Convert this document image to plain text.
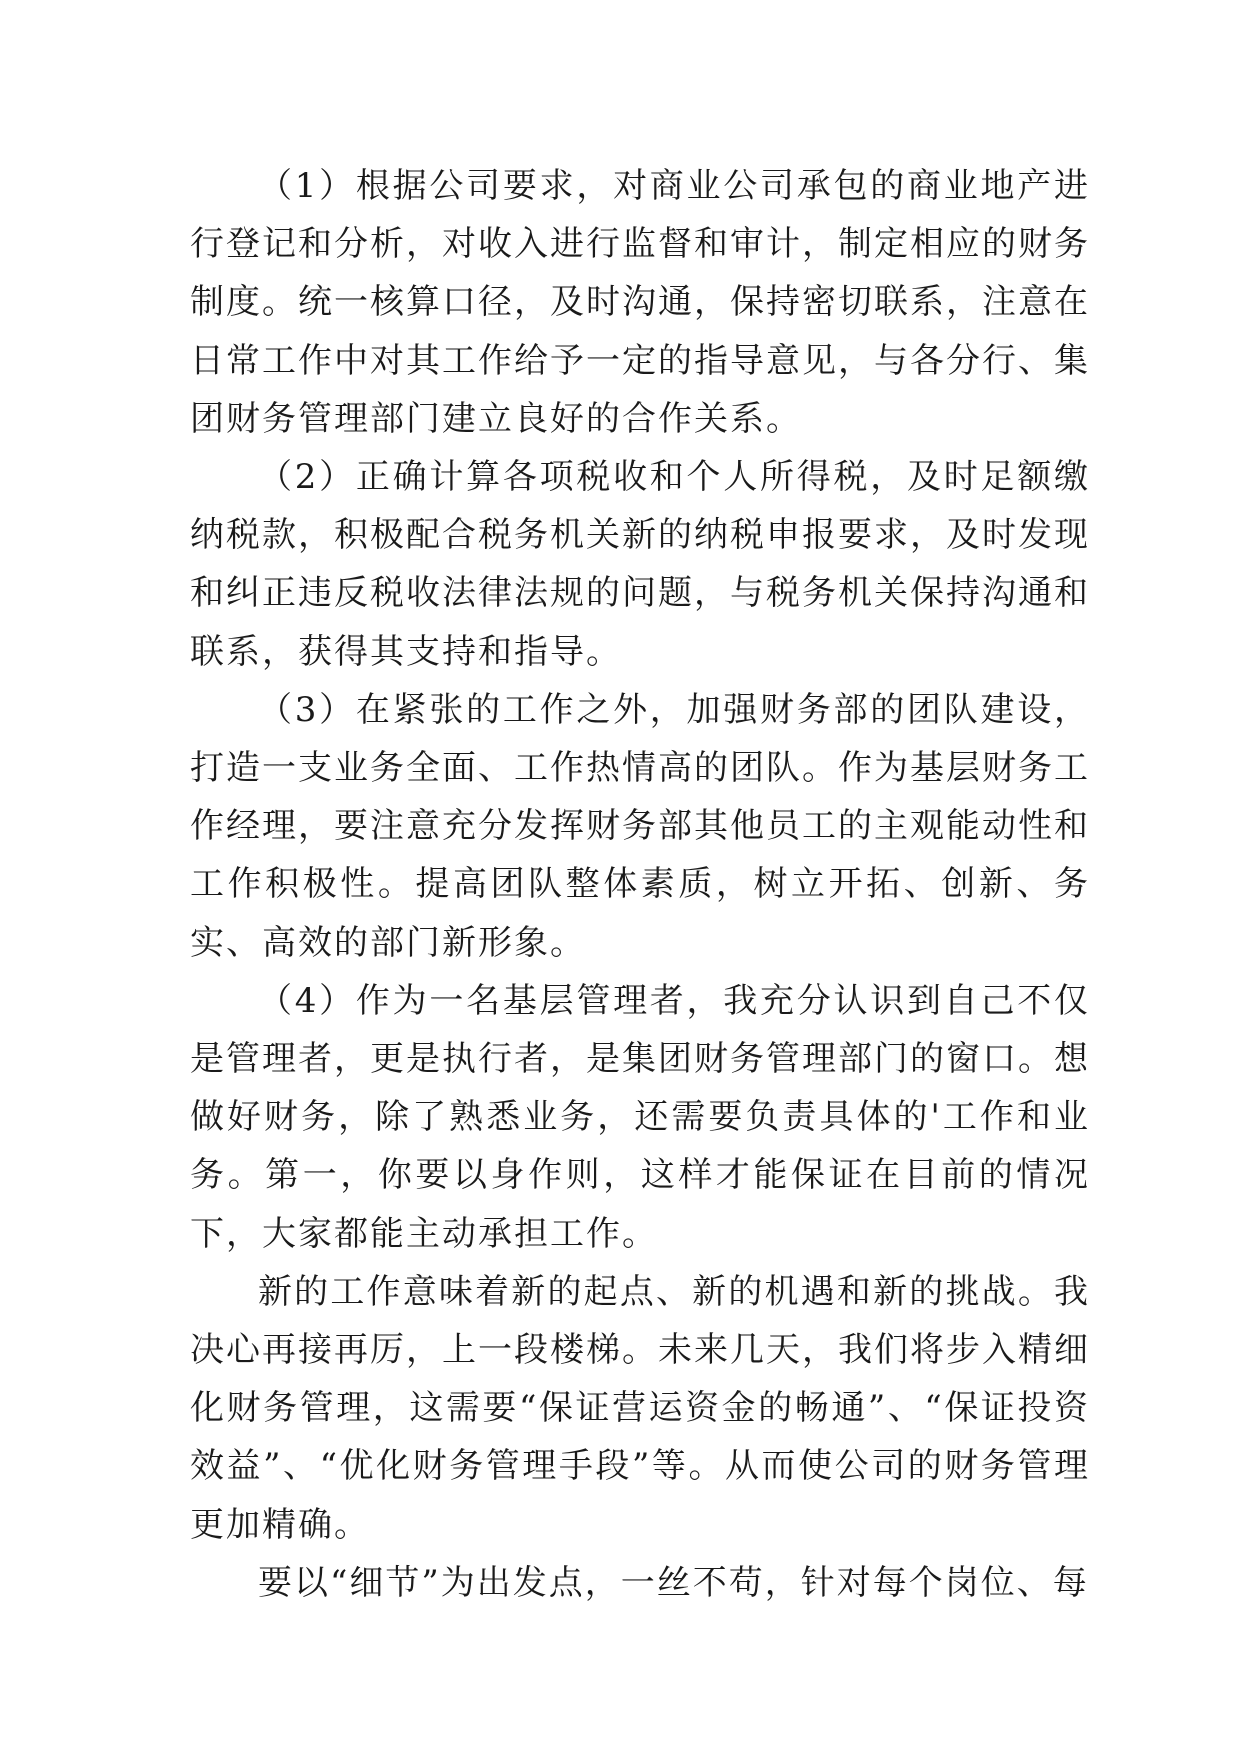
（1）根据公司要求，对商业公司承包的商业地产进行登记和分析，对收入进行监督和审计，制定相应的财务制度。统一核算口径，及时沟通，保持密切联系，注意在日常工作中对其工作给予一定的指导意见，与各分行、集团财务管理部门建立良好的合作关系。

（2）正确计算各项税收和个人所得税，及时足额缴纳税款，积极配合税务机关新的纳税申报要求，及时发现和纠正违反税收法律法规的问题，与税务机关保持沟通和联系，获得其支持和指导。

（3）在紧张的工作之外，加强财务部的团队建设，打造一支业务全面、工作热情高的团队。作为基层财务工作经理，要注意充分发挥财务部其他员工的主观能动性和工作积极性。提高团队整体素质，树立开拓、创新、务实、高效的部门新形象。

（4）作为一名基层管理者，我充分认识到自己不仅是管理者，更是执行者，是集团财务管理部门的窗口。想做好财务，除了熟悉业务，还需要负责具体的'工作和业务。第一，你要以身作则，这样才能保证在目前的情况下，大家都能主动承担工作。

新的工作意味着新的起点、新的机遇和新的挑战。我决心再接再厉，上一段楼梯。未来几天，我们将步入精细化财务管理，这需要“保证营运资金的畅通”、“保证投资效益”、“优化财务管理手段”等。从而使公司的财务管理更加精确。

要以“细节”为出发点，一丝不苟，针对每个岗位、每
